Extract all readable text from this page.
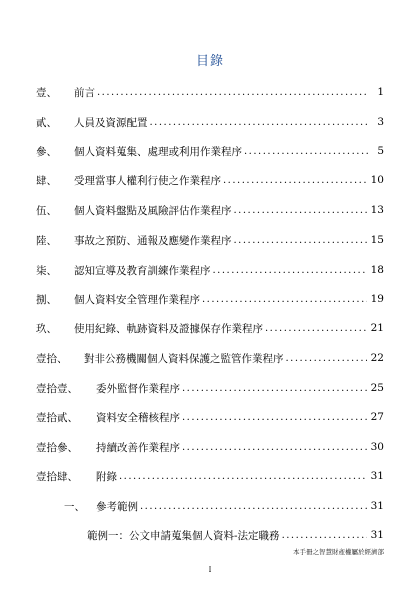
目錄
壹、	前言 .....	1
貳、	人員及資源配置 .....	3
參、	個人資料蒐集、處理或利用作業程序 .....	5
肆、	受理當事人權利行使之作業程序 .....	10
伍、	個人資料盤點及風險評估作業程序 .....	13
陸、	事故之預防、通報及應變作業程序 .....	15
柒、	認知宣導及教育訓練作業程序 .....	18
捌、	個人資料安全管理作業程序 .....	19
玖、	使用紀錄、軌跡資料及證據保存作業程序 .....	21
壹拾、	對非公務機關個人資料保護之監管作業程序 .....	22
壹拾壹、	委外監督作業程序 .....	25
壹拾貳、	資料安全稽核程序 .....	27
壹拾參、	持續改善作業程序 .....	30
壹拾肆、	附錄 .....	31
一、	參考範例 .....	31
範例一：公文申請蒐集個人資料-法定職務 .....	31
本手冊之智慧財產權屬於經濟部
I
